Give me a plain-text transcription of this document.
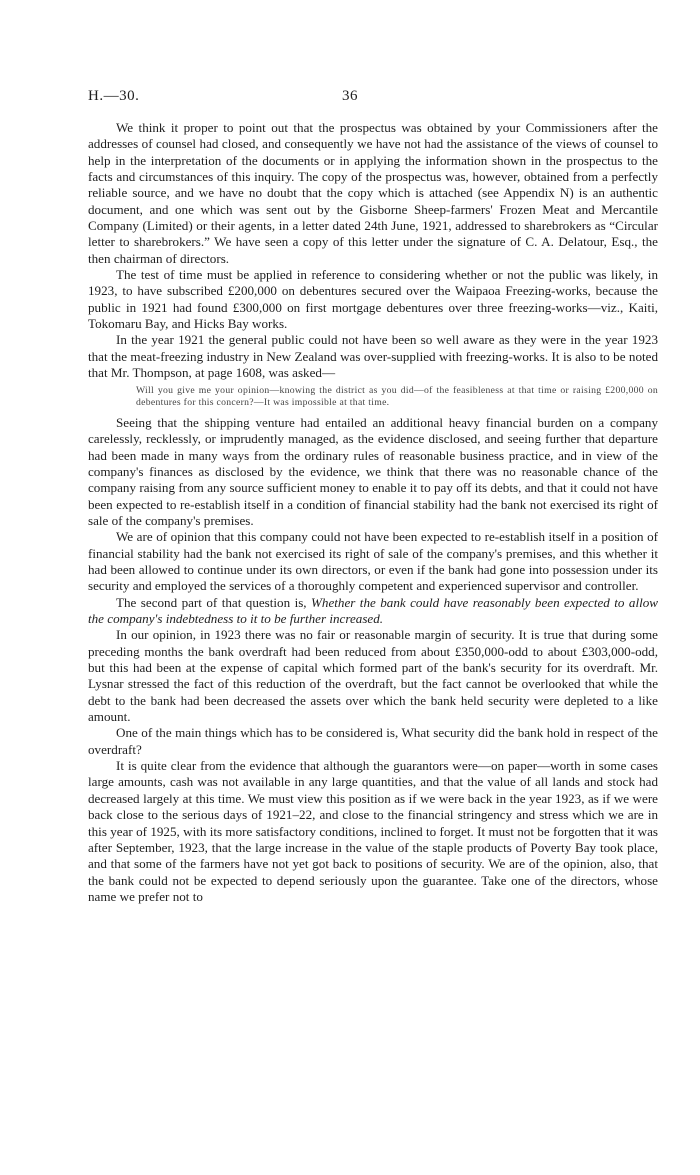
H.—30.	36

We think it proper to point out that the prospectus was obtained by your Commissioners after the addresses of counsel had closed, and consequently we have not had the assistance of the views of counsel to help in the interpretation of the documents or in applying the information shown in the prospectus to the facts and circumstances of this inquiry. The copy of the prospectus was, however, obtained from a perfectly reliable source, and we have no doubt that the copy which is attached (see Appendix N) is an authentic document, and one which was sent out by the Gisborne Sheep-farmers' Frozen Meat and Mercantile Company (Limited) or their agents, in a letter dated 24th June, 1921, addressed to sharebrokers as “Circular letter to sharebrokers.” We have seen a copy of this letter under the signature of C. A. Delatour, Esq., the then chairman of directors.

The test of time must be applied in reference to considering whether or not the public was likely, in 1923, to have subscribed £200,000 on debentures secured over the Waipaoa Freezing-works, because the public in 1921 had found £300,000 on first mortgage debentures over three freezing-works—viz., Kaiti, Tokomaru Bay, and Hicks Bay works.

In the year 1921 the general public could not have been so well aware as they were in the year 1923 that the meat-freezing industry in New Zealand was over-supplied with freezing-works. It is also to be noted that Mr. Thompson, at page 1608, was asked—

Will you give me your opinion—knowing the district as you did—of the feasibleness at that time or raising £200,000 on debentures for this concern?—It was impossible at that time.

Seeing that the shipping venture had entailed an additional heavy financial burden on a company carelessly, recklessly, or imprudently managed, as the evidence disclosed, and seeing further that departure had been made in many ways from the ordinary rules of reasonable business practice, and in view of the company's finances as disclosed by the evidence, we think that there was no reasonable chance of the company raising from any source sufficient money to enable it to pay off its debts, and that it could not have been expected to re-establish itself in a condition of financial stability had the bank not exercised its right of sale of the company's premises.

We are of opinion that this company could not have been expected to re-establish itself in a position of financial stability had the bank not exercised its right of sale of the company's premises, and this whether it had been allowed to continue under its own directors, or even if the bank had gone into possession under its security and employed the services of a thoroughly competent and experienced supervisor and controller.

The second part of that question is, Whether the bank could have reasonably been expected to allow the company's indebtedness to it to be further increased.

In our opinion, in 1923 there was no fair or reasonable margin of security. It is true that during some preceding months the bank overdraft had been reduced from about £350,000-odd to about £303,000-odd, but this had been at the expense of capital which formed part of the bank's security for its overdraft. Mr. Lysnar stressed the fact of this reduction of the overdraft, but the fact cannot be overlooked that while the debt to the bank had been decreased the assets over which the bank held security were depleted to a like amount.

One of the main things which has to be considered is, What security did the bank hold in respect of the overdraft?

It is quite clear from the evidence that although the guarantors were—on paper—worth in some cases large amounts, cash was not available in any large quantities, and that the value of all lands and stock had decreased largely at this time. We must view this position as if we were back in the year 1923, as if we were back close to the serious days of 1921–22, and close to the financial stringency and stress which we are in this year of 1925, with its more satisfactory conditions, inclined to forget. It must not be forgotten that it was after September, 1923, that the large increase in the value of the staple products of Poverty Bay took place, and that some of the farmers have not yet got back to positions of security. We are of the opinion, also, that the bank could not be expected to depend seriously upon the guarantee. Take one of the directors, whose name we prefer not to
